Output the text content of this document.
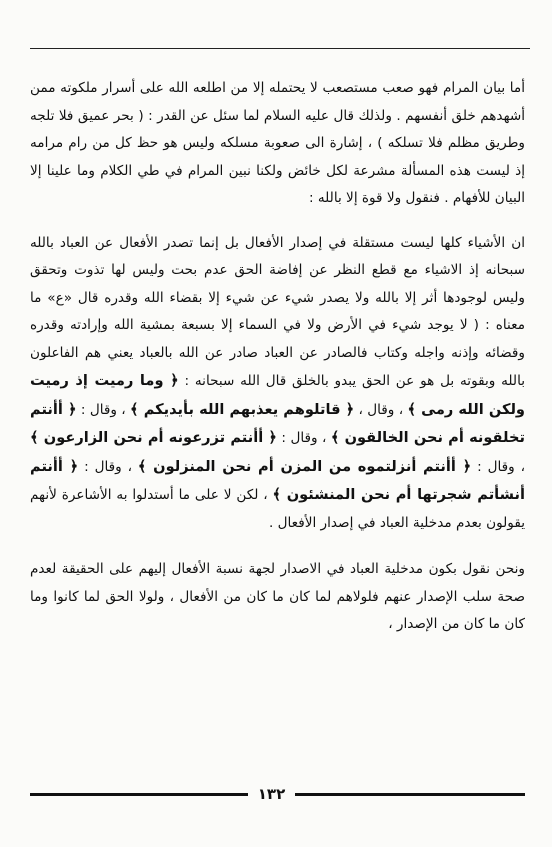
أما بيان المرام فهو صعب مستصعب لا يحتمله إلا من اطلعه الله على أسرار ملكوته ممن أشهدهم خلق أنفسهم . ولذلك قال عليه السلام لما سئل عن القدر : ( بحر عميق فلا تلجه وطريق مظلم فلا تسلكه ) ، إشارة الى صعوبة مسلكه وليس هو حظ كل من رام مرامه إذ ليست هذه المسألة مشرعة لكل خائض ولكنا نبين المرام في طي الكلام وما علينا إلا البيان للأفهام . فنقول ولا قوة إلا بالله :

ان الأشياء كلها ليست مستقلة في إصدار الأفعال بل إنما تصدر الأفعال عن العباد بالله سبحانه إذ الاشياء مع قطع النظر عن إفاضة الحق عدم بحت وليس لها تذوت وتحقق وليس لوجودها أثر إلا بالله ولا يصدر شيء عن شيء إلا بقضاء الله وقدره قال «ع» ما معناه : ( لا يوجد شيء في الأرض ولا في السماء إلا بسبعة بمشية الله وإرادته وقدره وقضائه وإذنه واجله وكتاب فالصادر عن العباد صادر عن الله بالعباد يعني هم الفاعلون بالله وبقوته بل هو عن الحق يبدو بالخلق قال الله سبحانه : ﴿ وما رميت إذ رميت ولكن الله رمى ﴾ ، وقال ، ﴿ قاتلوهم يعذبهم الله بأيديكم ﴾ ، وقال : ﴿ أأنتم تخلقونه أم نحن الخالقون ﴾ ، وقال : ﴿ أأنتم تزرعونه أم نحن الزارعون ﴾ ، وقال : ﴿ أأنتم أنزلتموه من المزن أم نحن المنزلون ﴾ ، وقال : ﴿ أأنتم أنشأتم شجرتها أم نحن المنشئون ﴾ ، لكن لا على ما أستدلوا به الأشاعرة لأنهم يقولون بعدم مدخلية العباد في إصدار الأفعال .

ونحن نقول بكون مدخلية العباد في الاصدار لجهة نسبة الأفعال إليهم على الحقيقة لعدم صحة سلب الإصدار عنهم فلولاهم لما كان ما كان من الأفعال ، ولولا الحق لما كانوا وما كان ما كان من الإصدار ،

١٣٢
